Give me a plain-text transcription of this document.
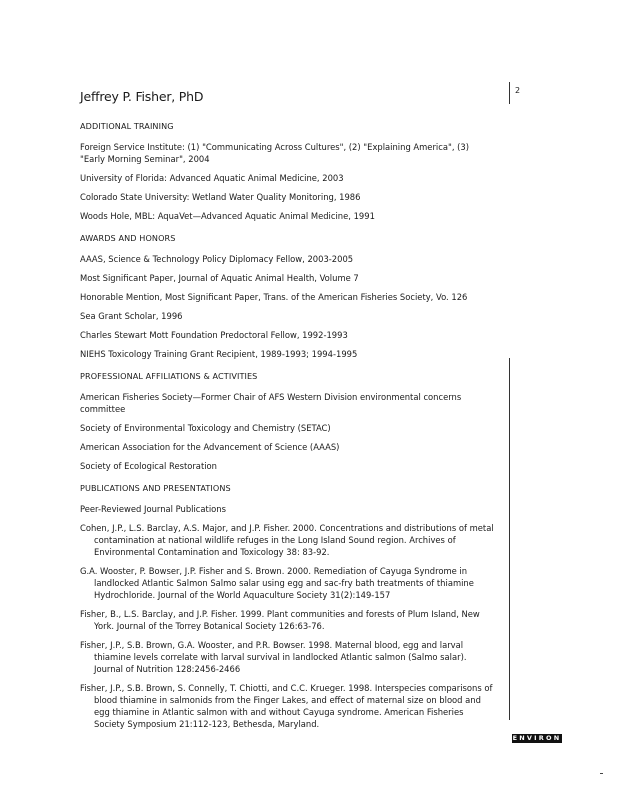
2
Jeffrey P. Fisher, PhD
ADDITIONAL TRAINING
Foreign Service Institute: (1) "Communicating Across Cultures", (2) "Explaining America", (3) "Early Morning Seminar", 2004
University of Florida: Advanced Aquatic Animal Medicine, 2003
Colorado State University: Wetland Water Quality Monitoring, 1986
Woods Hole, MBL: AquaVet—Advanced Aquatic Animal Medicine, 1991
AWARDS AND HONORS
AAAS, Science & Technology Policy Diplomacy Fellow, 2003-2005
Most Significant Paper, Journal of Aquatic Animal Health, Volume 7
Honorable Mention, Most Significant Paper, Trans. of the American Fisheries Society, Vo. 126
Sea Grant Scholar, 1996
Charles Stewart Mott Foundation Predoctoral Fellow, 1992-1993
NIEHS Toxicology Training Grant Recipient, 1989-1993; 1994-1995
PROFESSIONAL AFFILIATIONS & ACTIVITIES
American Fisheries Society—Former Chair of AFS Western Division environmental concerns committee
Society of Environmental Toxicology and Chemistry (SETAC)
American Association for the Advancement of Science (AAAS)
Society of Ecological Restoration
PUBLICATIONS AND PRESENTATIONS
Peer-Reviewed Journal Publications
Cohen, J.P., L.S. Barclay, A.S. Major, and J.P. Fisher. 2000. Concentrations and distributions of metal contamination at national wildlife refuges in the Long Island Sound region. Archives of Environmental Contamination and Toxicology 38: 83-92.
G.A. Wooster, P. Bowser, J.P. Fisher and S. Brown. 2000. Remediation of Cayuga Syndrome in landlocked Atlantic Salmon Salmo salar using egg and sac-fry bath treatments of thiamine Hydrochloride. Journal of the World Aquaculture Society 31(2):149-157
Fisher, B., L.S. Barclay, and J.P. Fisher. 1999. Plant communities and forests of Plum Island, New York. Journal of the Torrey Botanical Society 126:63-76.
Fisher, J.P., S.B. Brown, G.A. Wooster, and P.R. Bowser. 1998. Maternal blood, egg and larval thiamine levels correlate with larval survival in landlocked Atlantic salmon (Salmo salar). Journal of Nutrition 128:2456-2466
Fisher, J.P., S.B. Brown, S. Connelly, T. Chiotti, and C.C. Krueger. 1998. Interspecies comparisons of blood thiamine in salmonids from the Finger Lakes, and effect of maternal size on blood and egg thiamine in Atlantic salmon with and without Cayuga syndrome. American Fisheries Society Symposium 21:112-123, Bethesda, Maryland.
ENVIRON
